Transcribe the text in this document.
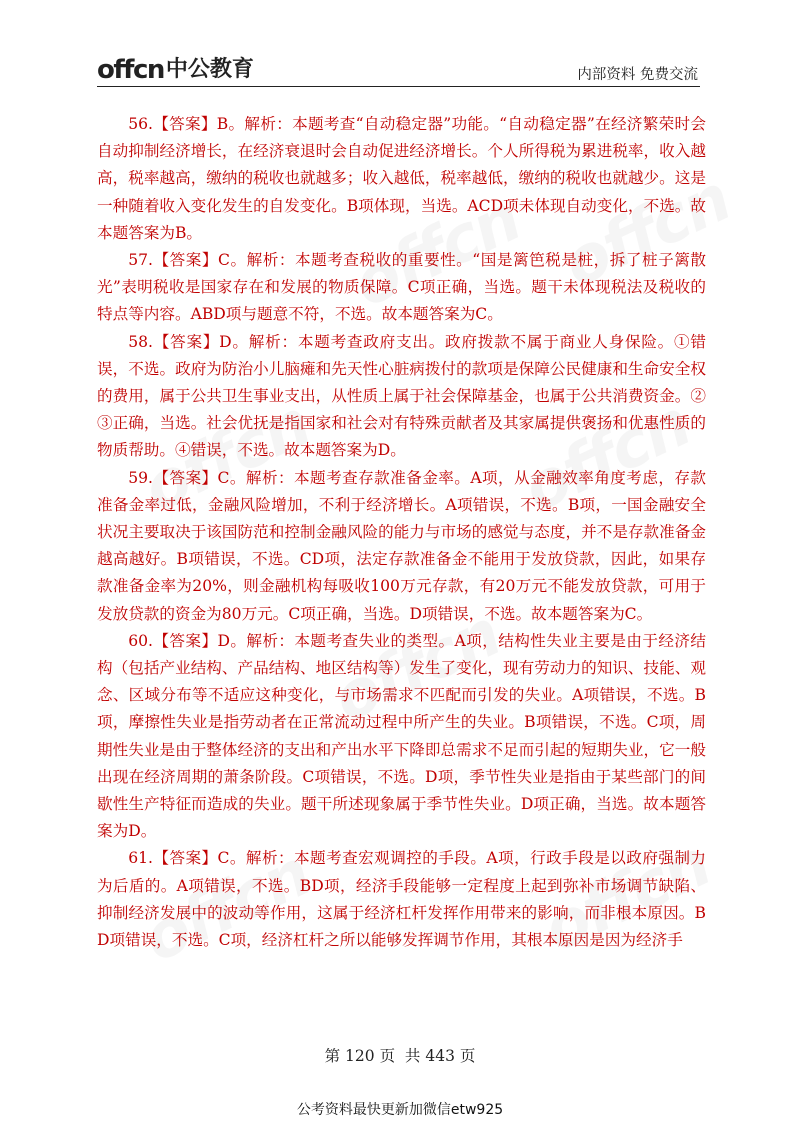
offcn 中公教育	内部资料 免费交流

56.【答案】B。解析：本题考查“自动稳定器”功能。“自动稳定器”在经济繁荣时会自动抑制经济增长，在经济衰退时会自动促进经济增长。个人所得税为累进税率，收入越高，税率越高，缴纳的税收也就越多；收入越低，税率越低，缴纳的税收也就越少。这是一种随着收入变化发生的自发变化。B项体现，当选。ACD项未体现自动变化，不选。故本题答案为B。

57.【答案】C。解析：本题考查税收的重要性。“国是篱笆税是桩，拆了桩子篱散光”表明税收是国家存在和发展的物质保障。C项正确，当选。题干未体现税法及税收的特点等内容。ABD项与题意不符，不选。故本题答案为C。

58.【答案】D。解析：本题考查政府支出。政府拨款不属于商业人身保险。①错误，不选。政府为防治小儿脑瘫和先天性心脏病拨付的款项是保障公民健康和生命安全权的费用，属于公共卫生事业支出，从性质上属于社会保障基金，也属于公共消费资金。②③正确，当选。社会优抚是指国家和社会对有特殊贡献者及其家属提供褒扬和优惠性质的物质帮助。④错误，不选。故本题答案为D。

59.【答案】C。解析：本题考查存款准备金率。A项，从金融效率角度考虑，存款准备金率过低，金融风险增加，不利于经济增长。A项错误，不选。B项，一国金融安全状况主要取决于该国防范和控制金融风险的能力与市场的感觉与态度，并不是存款准备金越高越好。B项错误，不选。CD项，法定存款准备金不能用于发放贷款，因此，如果存款准备金率为20%，则金融机构每吸收100万元存款，有20万元不能发放贷款，可用于发放贷款的资金为80万元。C项正确，当选。D项错误，不选。故本题答案为C。

60.【答案】D。解析：本题考查失业的类型。A项，结构性失业主要是由于经济结构（包括产业结构、产品结构、地区结构等）发生了变化，现有劳动力的知识、技能、观念、区域分布等不适应这种变化，与市场需求不匹配而引发的失业。A项错误，不选。B项，摩擦性失业是指劳动者在正常流动过程中所产生的失业。B项错误，不选。C项，周期性失业是由于整体经济的支出和产出水平下降即总需求不足而引起的短期失业，它一般出现在经济周期的萧条阶段。C项错误，不选。D项，季节性失业是指由于某些部门的间歇性生产特征而造成的失业。题干所述现象属于季节性失业。D项正确，当选。故本题答案为D。

61.【答案】C。解析：本题考查宏观调控的手段。A项，行政手段是以政府强制力为后盾的。A项错误，不选。BD项，经济手段能够一定程度上起到弥补市场调节缺陷、抑制经济发展中的波动等作用，这属于经济杠杆发挥作用带来的影响，而非根本原因。BD项错误，不选。C项，经济杠杆之所以能够发挥调节作用，其根本原因是因为经济手

第 120 页  共 443 页
公考资料最快更新加微信etw925
